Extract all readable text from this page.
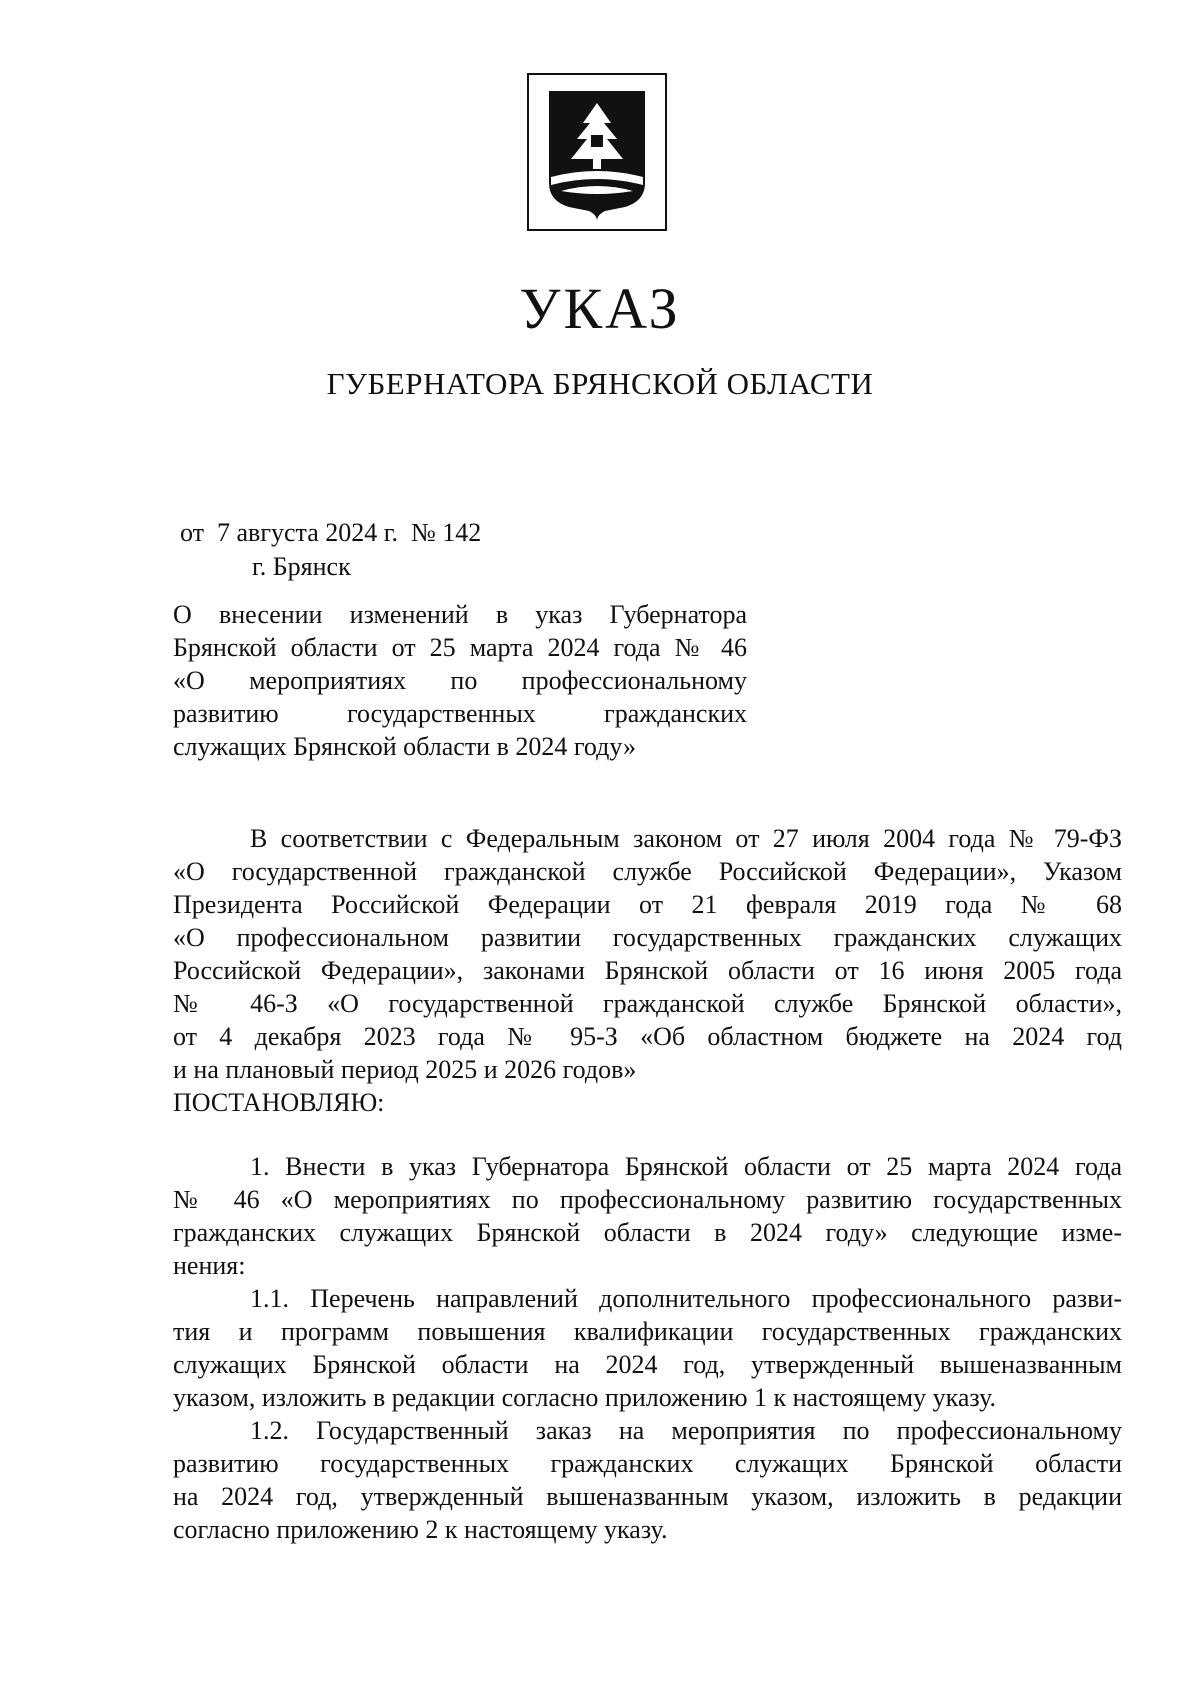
УКАЗ
ГУБЕРНАТОРА БРЯНСКОЙ ОБЛАСТИ
от  7 августа 2024 г.  № 142
г. Брянск
О внесении изменений в указ Губернатора
Брянской области от 25 марта 2024 года № 46
«О мероприятиях по профессиональному
развитию государственных гражданских
служащих Брянской области в 2024 году»
В соответствии с Федеральным законом от 27 июля 2004 года № 79-ФЗ
«О государственной гражданской службе Российской Федерации», Указом
Президента Российской Федерации от 21 февраля 2019 года № 68
«О профессиональном развитии государственных гражданских служащих
Российской Федерации», законами Брянской области от 16 июня 2005 года
№ 46-З «О государственной гражданской службе Брянской области»,
от 4 декабря 2023 года № 95-З «Об областном бюджете на 2024 год
и на плановый период 2025 и 2026 годов»
ПОСТАНОВЛЯЮ:
1. Внести в указ Губернатора Брянской области от 25 марта 2024 года
№ 46 «О мероприятиях по профессиональному развитию государственных
гражданских служащих Брянской области в 2024 году» следующие изме-
нения:
1.1. Перечень направлений дополнительного профессионального разви-
тия и программ повышения квалификации государственных гражданских
служащих Брянской области на 2024 год, утвержденный вышеназванным
указом, изложить в редакции согласно приложению 1 к настоящему указу.
1.2. Государственный заказ на мероприятия по профессиональному
развитию государственных гражданских служащих Брянской области
на 2024 год, утвержденный вышеназванным указом, изложить в редакции
согласно приложению 2 к настоящему указу.
